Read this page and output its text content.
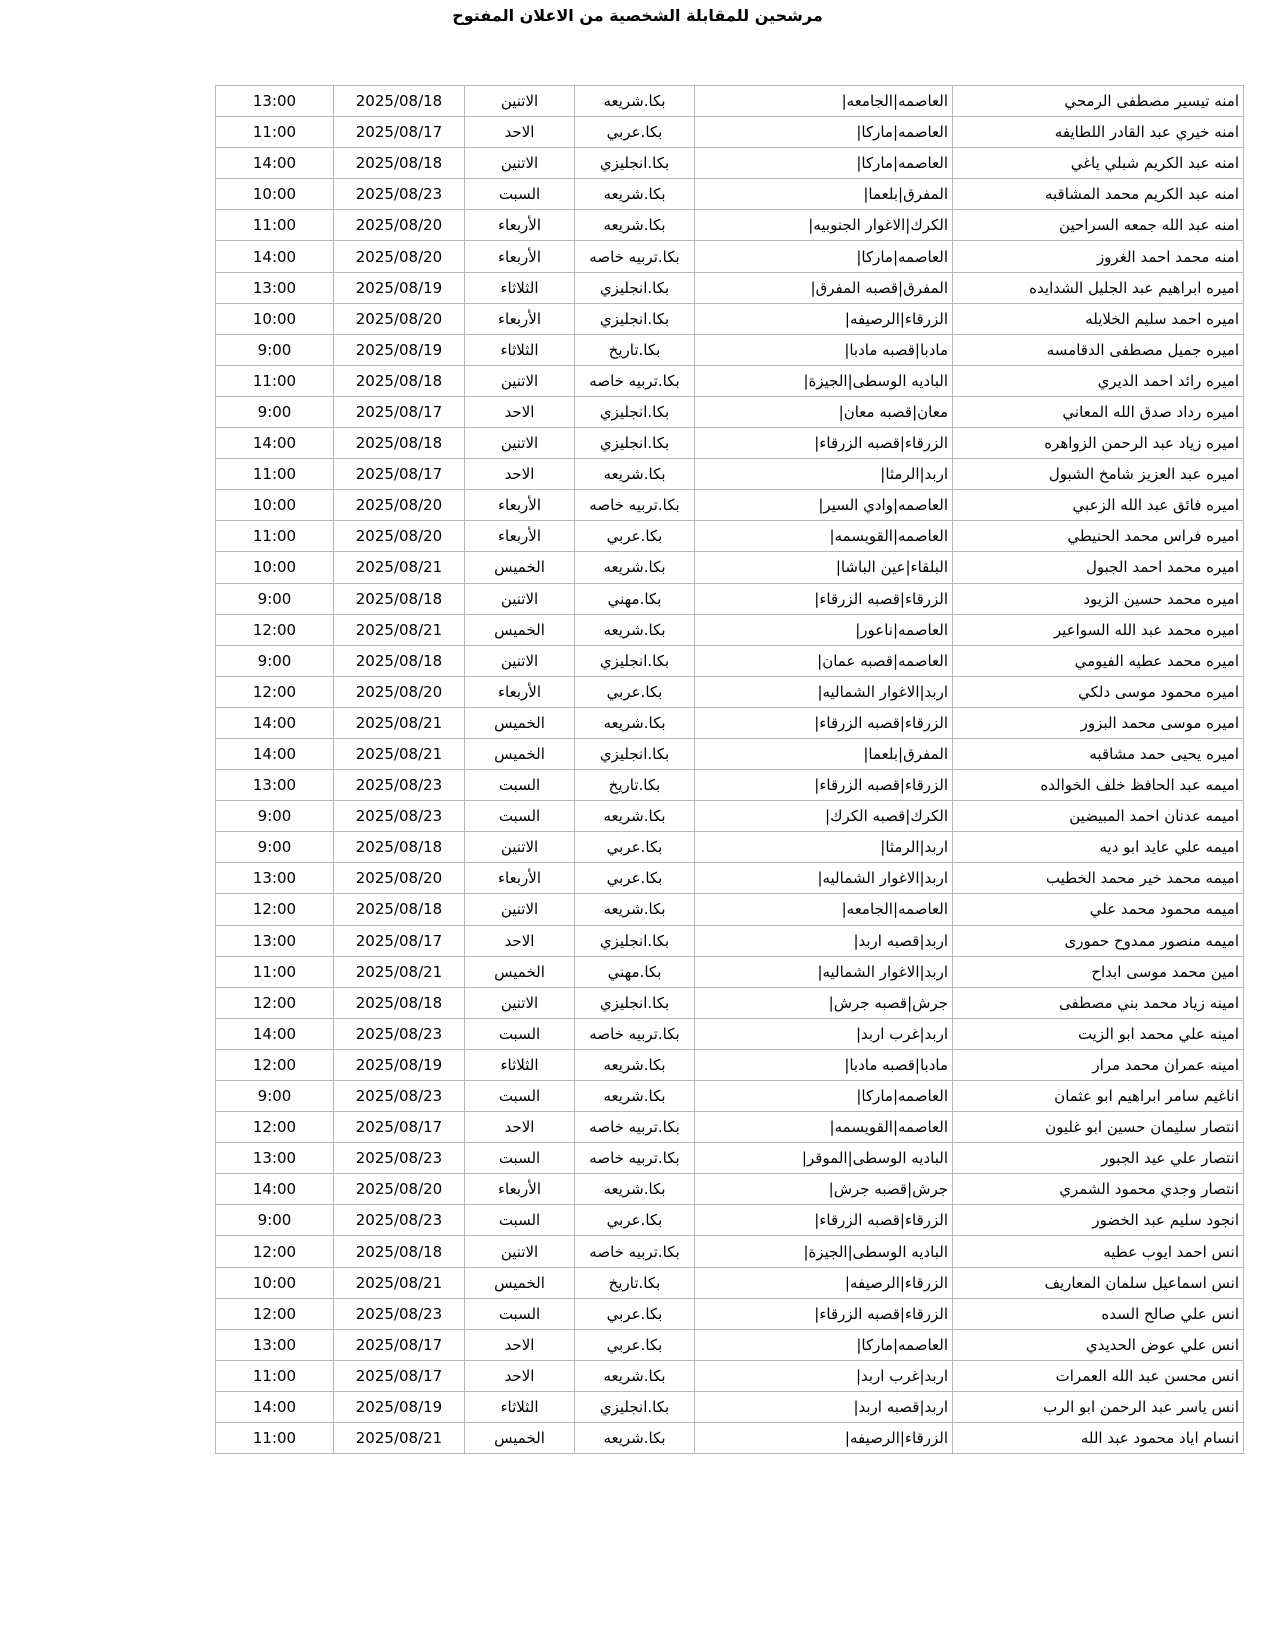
مرشحين للمقابلة الشخصية من الاعلان المفتوح
امنه تيسير مصطفى الرمحي	العاصمه|الجامعه|	بكا.شريعه	الاتنين	2025/08/18	13:00
امنه خيري عبد القادر اللطايفه	العاصمه|ماركا|	بكا.عربي	الاحد	2025/08/17	11:00
امنه عبد الكريم شبلي ياغي	العاصمه|ماركا|	بكا.انجليزي	الاتنين	2025/08/18	14:00
امنه عبد الكريم محمد المشاقبه	المفرق|بلعما|	بكا.شريعه	السبت	2025/08/23	10:00
امنه عبد الله جمعه السراحين	الكرك|الاغوار الجنوبيه|	بكا.شريعه	الأربعاء	2025/08/20	11:00
امنه محمد احمد الغروز	العاصمه|ماركا|	بكا.تربيه خاصه	الأربعاء	2025/08/20	14:00
اميره ابراهيم عبد الجليل الشدايده	المفرق|قصبه المفرق|	بكا.انجليزي	الثلاثاء	2025/08/19	13:00
اميره احمد سليم الخلايله	الزرقاء|الرصيفه|	بكا.انجليزي	الأربعاء	2025/08/20	10:00
اميره جميل مصطفى الدقامسه	مادبا|قصبه مادبا|	بكا.تاريخ	الثلاثاء	2025/08/19	9:00
اميره رائد احمد الديري	الباديه الوسطى|الجيزة|	بكا.تربيه خاصه	الاتنين	2025/08/18	11:00
اميره رداد صدق الله المعاني	معان|قصبه معان|	بكا.انجليزي	الاحد	2025/08/17	9:00
اميره زياد عبد الرحمن الزواهره	الزرقاء|قصبه الزرقاء|	بكا.انجليزي	الاتنين	2025/08/18	14:00
اميره عبد العزيز شامخ الشبول	اربد|الرمثا|	بكا.شريعه	الاحد	2025/08/17	11:00
اميره فائق عبد الله الزعبي	العاصمه|وادي السير|	بكا.تربيه خاصه	الأربعاء	2025/08/20	10:00
اميره فراس محمد الحنيطي	العاصمه|القويسمه|	بكا.عربي	الأربعاء	2025/08/20	11:00
اميره محمد احمد الجبول	البلقاء|عين الباشا|	بكا.شريعه	الخميس	2025/08/21	10:00
اميره محمد حسين الزيود	الزرقاء|قصبه الزرقاء|	بكا.مهني	الاتنين	2025/08/18	9:00
اميره محمد عبد الله السواعير	العاصمه|ناعور|	بكا.شريعه	الخميس	2025/08/21	12:00
اميره محمد عطيه الفيومي	العاصمه|قصبه عمان|	بكا.انجليزي	الاتنين	2025/08/18	9:00
اميره محمود موسى دلكي	اربد|الاغوار الشماليه|	بكا.عربي	الأربعاء	2025/08/20	12:00
اميره موسى محمد البزور	الزرقاء|قصبه الزرقاء|	بكا.شريعه	الخميس	2025/08/21	14:00
اميره يحيى حمد مشاقبه	المفرق|بلعما|	بكا.انجليزي	الخميس	2025/08/21	14:00
اميمه عبد الحافظ خلف الخوالده	الزرقاء|قصبه الزرقاء|	بكا.تاريخ	السبت	2025/08/23	13:00
اميمه عدنان احمد المبيضين	الكرك|قصبه الكرك|	بكا.شريعه	السبت	2025/08/23	9:00
اميمه علي عايد ابو ديه	اربد|الرمثا|	بكا.عربي	الاتنين	2025/08/18	9:00
اميمه محمد خير محمد الخطيب	اربد|الاغوار الشماليه|	بكا.عربي	الأربعاء	2025/08/20	13:00
اميمه محمود محمد علي	العاصمه|الجامعه|	بكا.شريعه	الاتنين	2025/08/18	12:00
اميمه منصور ممدوح حمورى	اربد|قصبه اربد|	بكا.انجليزي	الاحد	2025/08/17	13:00
امين محمد موسى ابداح	اربد|الاغوار الشماليه|	بكا.مهني	الخميس	2025/08/21	11:00
امينه زياد محمد بني مصطفى	جرش|قصبه جرش|	بكا.انجليزي	الاتنين	2025/08/18	12:00
امينه علي محمد ابو الزيت	اربد|غرب اربد|	بكا.تربيه خاصه	السبت	2025/08/23	14:00
امينه عمران محمد مرار	مادبا|قصبه مادبا|	بكا.شريعه	الثلاثاء	2025/08/19	12:00
اناغيم سامر ابراهيم ابو عثمان	العاصمه|ماركا|	بكا.شريعه	السبت	2025/08/23	9:00
انتصار سليمان حسين ابو غليون	العاصمه|القويسمه|	بكا.تربيه خاصه	الاحد	2025/08/17	12:00
انتصار علي عيد الجبور	الباديه الوسطى|الموقر|	بكا.تربيه خاصه	السبت	2025/08/23	13:00
انتصار وجدي محمود الشمري	جرش|قصبه جرش|	بكا.شريعه	الأربعاء	2025/08/20	14:00
انجود سليم عبد الخضور	الزرقاء|قصبه الزرقاء|	بكا.عربي	السبت	2025/08/23	9:00
انس احمد ايوب عطيه	الباديه الوسطى|الجيزة|	بكا.تربيه خاصه	الاتنين	2025/08/18	12:00
انس اسماعيل سلمان المعاريف	الزرقاء|الرصيفه|	بكا.تاريخ	الخميس	2025/08/21	10:00
انس علي صالح السده	الزرقاء|قصبه الزرقاء|	بكا.عربي	السبت	2025/08/23	12:00
انس علي عوض الحديدي	العاصمه|ماركا|	بكا.عربي	الاحد	2025/08/17	13:00
انس محسن عبد الله العمرات	اربد|غرب اربد|	بكا.شريعه	الاحد	2025/08/17	11:00
انس ياسر عبد الرحمن ابو الرب	اربد|قصبه اربد|	بكا.انجليزي	الثلاثاء	2025/08/19	14:00
انسام اياد محمود عبد الله	الزرقاء|الرصيفه|	بكا.شريعه	الخميس	2025/08/21	11:00
